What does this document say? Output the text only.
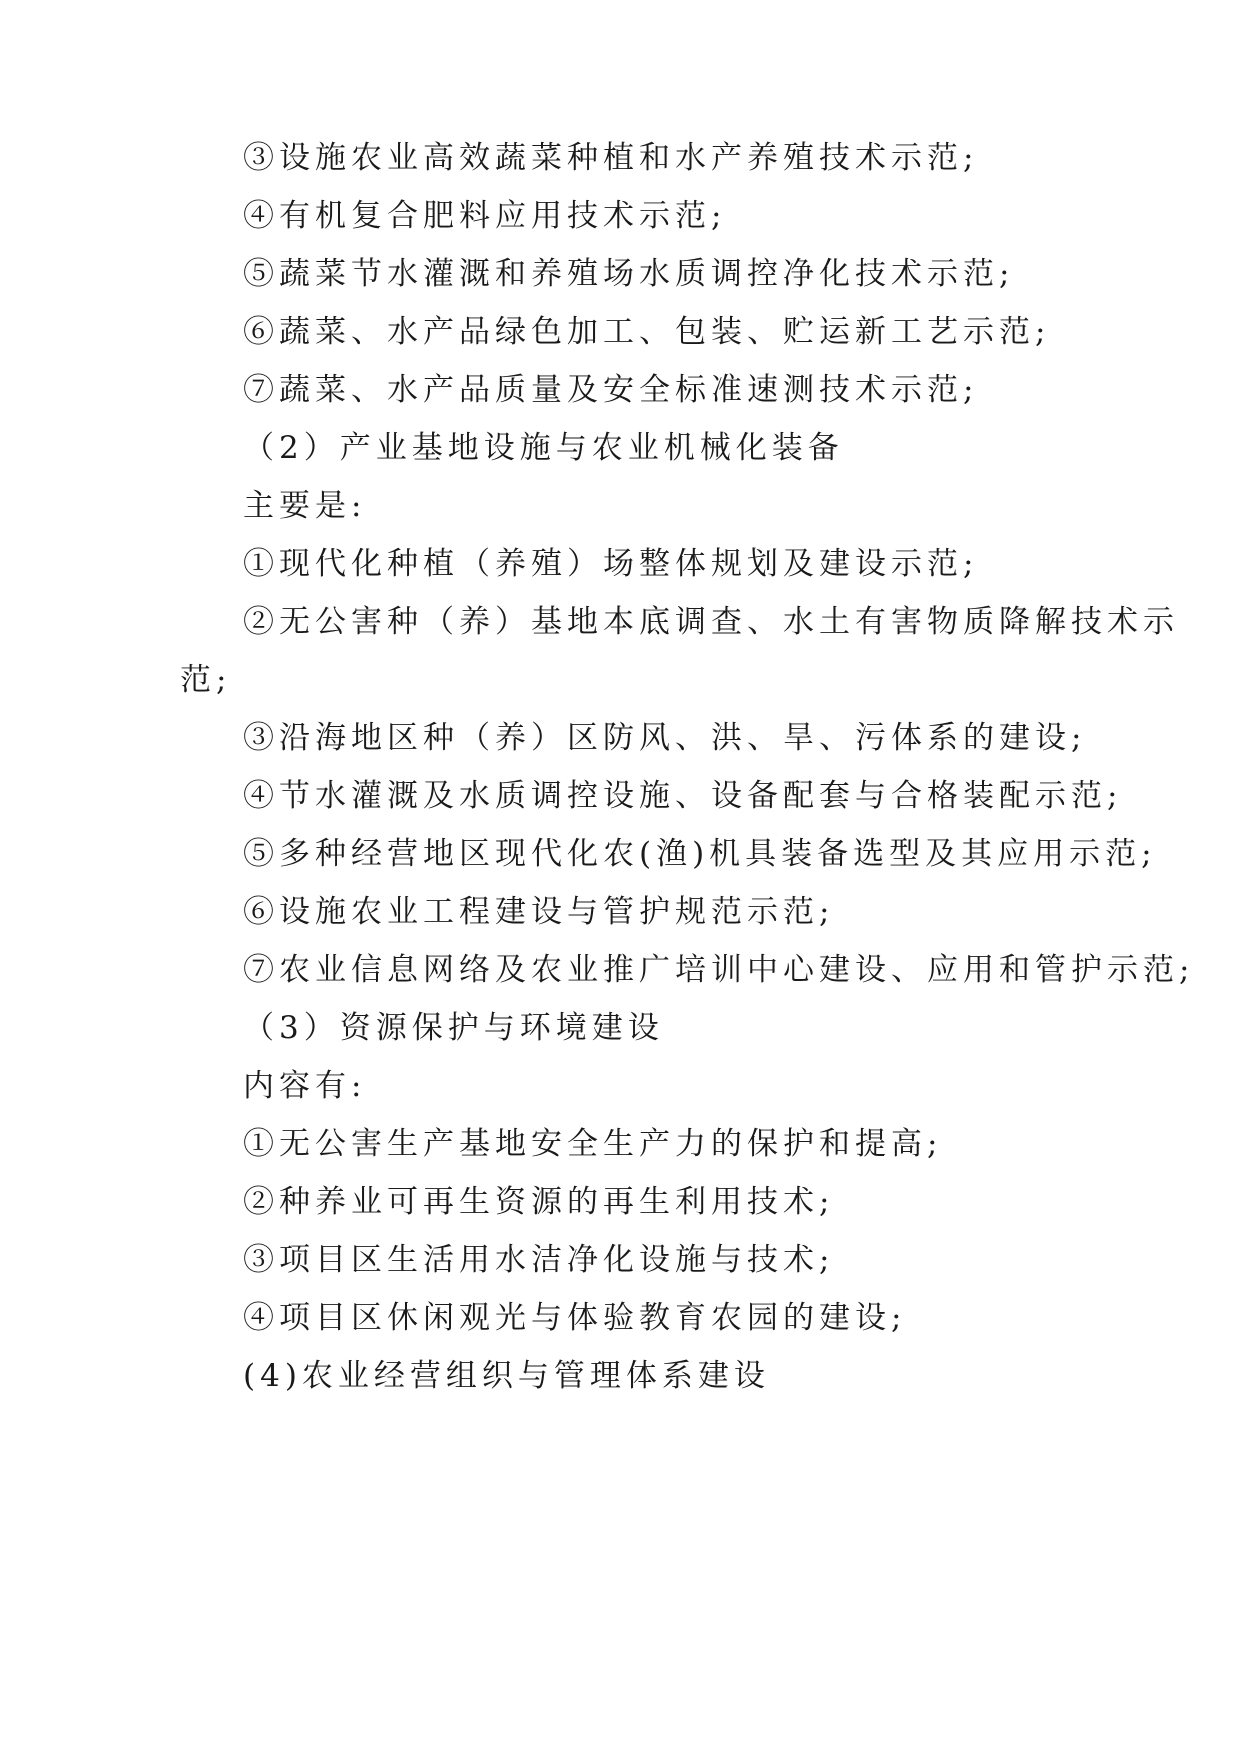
③设施农业高效蔬菜种植和水产养殖技术示范;
④有机复合肥料应用技术示范;
⑤蔬菜节水灌溉和养殖场水质调控净化技术示范;
⑥蔬菜、水产品绿色加工、包装、贮运新工艺示范;
⑦蔬菜、水产品质量及安全标准速测技术示范;
（2）产业基地设施与农业机械化装备
主要是:
①现代化种植（养殖）场整体规划及建设示范;
②无公害种（养）基地本底调查、水土有害物质降解技术示
范;
③沿海地区种（养）区防风、洪、旱、污体系的建设;
④节水灌溉及水质调控设施、设备配套与合格装配示范;
⑤多种经营地区现代化农(渔)机具装备选型及其应用示范;
⑥设施农业工程建设与管护规范示范;
⑦农业信息网络及农业推广培训中心建设、应用和管护示范;
（3）资源保护与环境建设
内容有:
①无公害生产基地安全生产力的保护和提高;
②种养业可再生资源的再生利用技术;
③项目区生活用水洁净化设施与技术;
④项目区休闲观光与体验教育农园的建设;
(4)农业经营组织与管理体系建设
